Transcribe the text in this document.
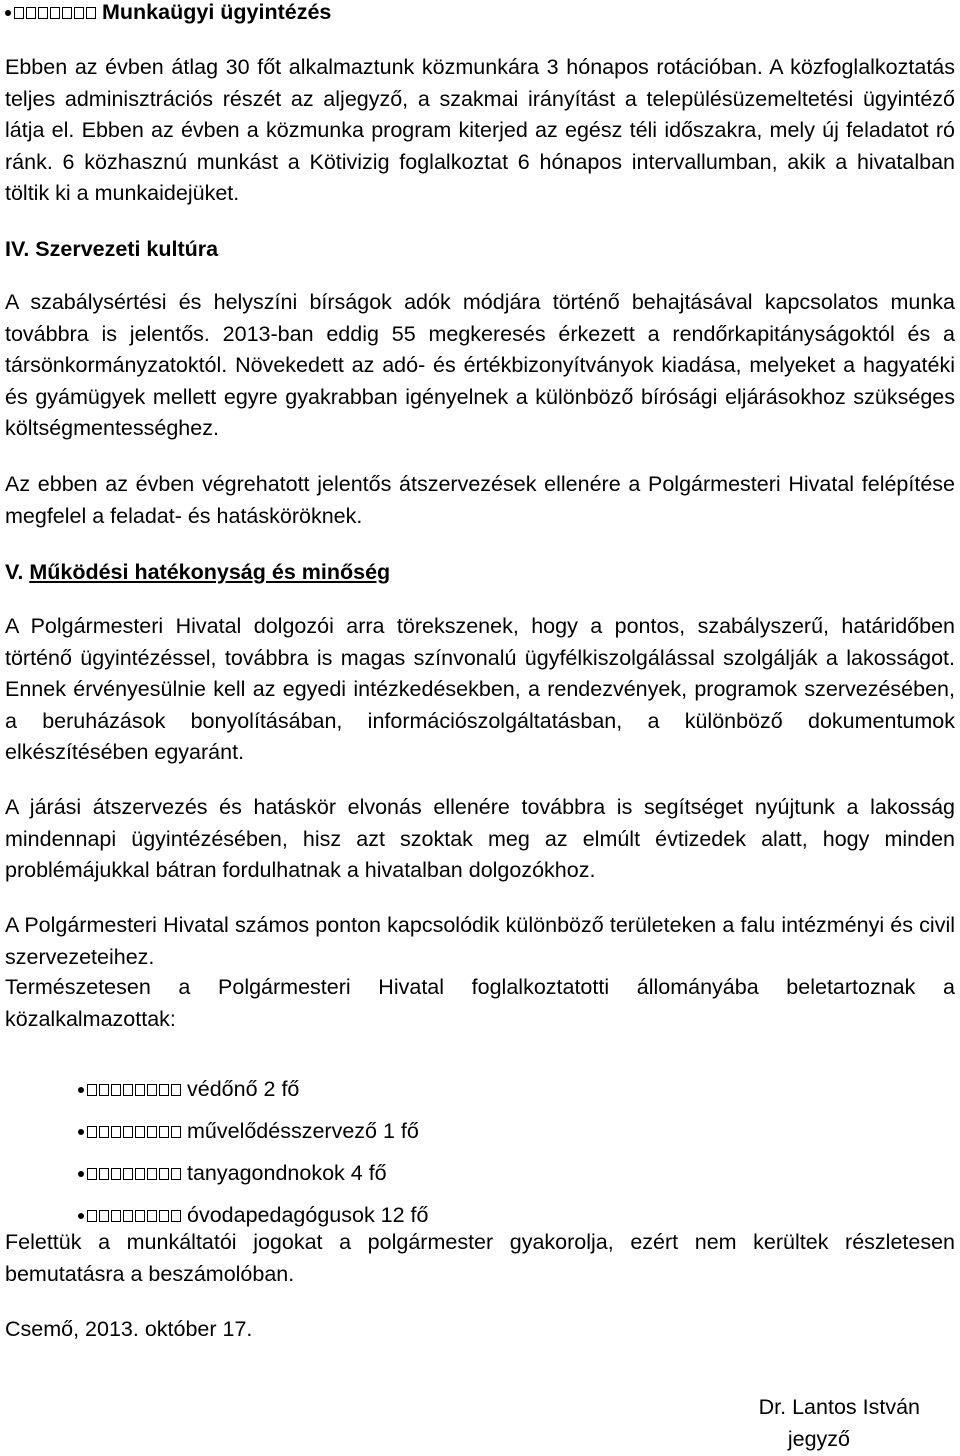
Munkaügyi ügyintézés

Ebben az évben átlag 30 főt alkalmaztunk közmunkára 3 hónapos rotációban. A közfoglalkoztatás teljes adminisztrációs részét az aljegyző, a szakmai irányítást a településüzemeltetési ügyintéző látja el. Ebben az évben a közmunka program kiterjed az egész téli időszakra, mely új feladatot ró ránk. 6 közhasznú munkást a Kötivizig foglalkoztat 6 hónapos intervallumban, akik a hivatalban töltik ki a munkaidejüket.

IV. Szervezeti kultúra

A szabálysértési és helyszíni bírságok adók módjára történő behajtásával kapcsolatos munka továbbra is jelentős. 2013-ban eddig 55 megkeresés érkezett a rendőrkapitányságoktól és a társönkormányzatoktól. Növekedett az adó- és értékbizonyítványok kiadása, melyeket a hagyatéki és gyámügyek mellett egyre gyakrabban igényelnek a különböző bírósági eljárásokhoz szükséges költségmentességhez.

Az ebben az évben végrehatott jelentős átszervezések ellenére a Polgármesteri Hivatal felépítése megfelel a feladat- és hatásköröknek.

V. Működési hatékonyság és minőség

A Polgármesteri Hivatal dolgozói arra törekszenek, hogy a pontos, szabályszerű, határidőben történő ügyintézéssel, továbbra is magas színvonalú ügyfélkiszolgálással szolgálják a lakosságot. Ennek érvényesülnie kell az egyedi intézkedésekben, a rendezvények, programok szervezésében, a beruházások bonyolításában, információszolgáltatásban, a különböző dokumentumok elkészítésében egyaránt.

A járási átszervezés és hatáskör elvonás ellenére továbbra is segítséget nyújtunk a lakosság mindennapi ügyintézésében, hisz azt szoktak meg az elmúlt évtizedek alatt, hogy minden problémájukkal bátran fordulhatnak a hivatalban dolgozókhoz.

A Polgármesteri Hivatal számos ponton kapcsolódik különböző területeken a falu intézményi és civil szervezeteihez.

Természetesen a Polgármesteri Hivatal foglalkoztatotti állományába beletartoznak a közalkalmazottak:

védőnő 2 fő
művelődésszervező 1 fő
tanyagondnokok 4 fő
óvodapedagógusok 12 fő

Felettük a munkáltatói jogokat a polgármester gyakorolja, ezért nem kerültek részletesen bemutatásra a beszámolóban.

Csemő, 2013. október 17.

Dr. Lantos István
jegyző
